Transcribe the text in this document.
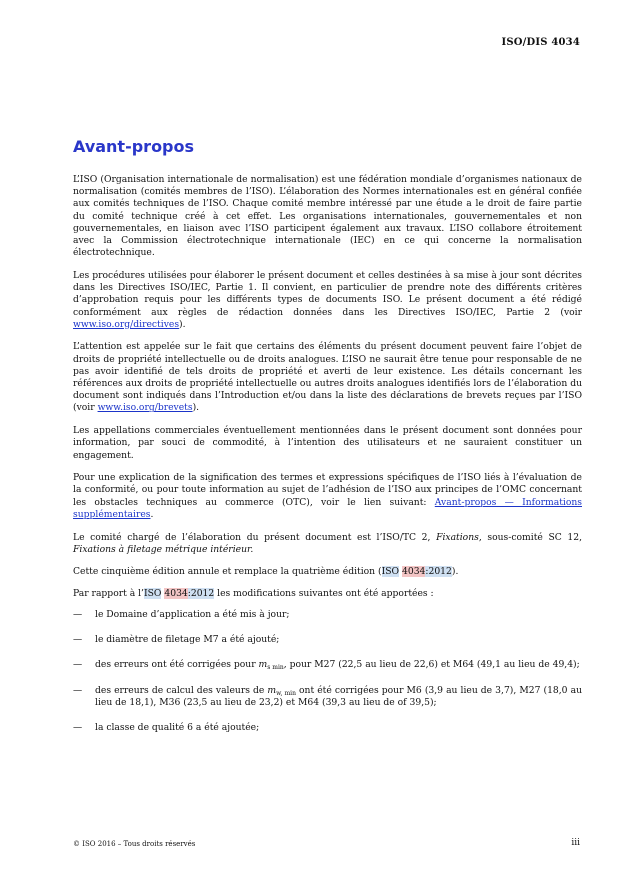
ISO/DIS 4034
Avant-propos

L’ISO (Organisation internationale de normalisation) est une fédération mondiale d’organismes nationaux de normalisation (comités membres de l’ISO). L’élaboration des Normes internationales est en général confiée aux comités techniques de l’ISO. Chaque comité membre intéressé par une étude a le droit de faire partie du comité technique créé à cet effet. Les organisations internationales, gouvernementales et non gouvernementales, en liaison avec l’ISO participent également aux travaux. L’ISO collabore étroitement avec la Commission électrotechnique internationale (IEC) en ce qui concerne la normalisation électrotechnique.

Les procédures utilisées pour élaborer le présent document et celles destinées à sa mise à jour sont décrites dans les Directives ISO/IEC, Partie 1. Il convient, en particulier de prendre note des différents critères d’approbation requis pour les différents types de documents ISO. Le présent document a été rédigé conformément aux règles de rédaction données dans les Directives ISO/IEC, Partie 2 (voir www.iso.org/directives).

L’attention est appelée sur le fait que certains des éléments du présent document peuvent faire l’objet de droits de propriété intellectuelle ou de droits analogues. L’ISO ne saurait être tenue pour responsable de ne pas avoir identifié de tels droits de propriété et averti de leur existence. Les détails concernant les références aux droits de propriété intellectuelle ou autres droits analogues identifiés lors de l’élaboration du document sont indiqués dans l’Introduction et/ou dans la liste des déclarations de brevets reçues par l’ISO (voir www.iso.org/brevets).

Les appellations commerciales éventuellement mentionnées dans le présent document sont données pour information, par souci de commodité, à l’intention des utilisateurs et ne sauraient constituer un engagement.

Pour une explication de la signification des termes et expressions spécifiques de l’ISO liés à l’évaluation de la conformité, ou pour toute information au sujet de l’adhésion de l’ISO aux principes de l’OMC concernant les obstacles techniques au commerce (OTC), voir le lien suivant: Avant-propos — Informations supplémentaires.

Le comité chargé de l’élaboration du présent document est l’ISO/TC 2, Fixations, sous-comité SC 12, Fixations à filetage métrique intérieur.

Cette cinquième édition annule et remplace la quatrième édition (ISO 4034:2012).

Par rapport à l’ISO 4034:2012 les modifications suivantes ont été apportées :

— le Domaine d’application a été mis à jour;
— le diamètre de filetage M7 a été ajouté;
— des erreurs ont été corrigées pour $m_{s min}$, pour M27 (22,5 au lieu de 22,6) et M64 (49,1 au lieu de 49,4);
— des erreurs de calcul des valeurs de $m_{w, min}$ ont été corrigées pour M6 (3,9 au lieu de 3,7), M27 (18,0 au lieu de 18,1), M36 (23,5 au lieu de 23,2) et M64 (39,3 au lieu de of 39,5);
— la classe de qualité 6 a été ajoutée;
© ISO 2016 – Tous droits réservés	iii
